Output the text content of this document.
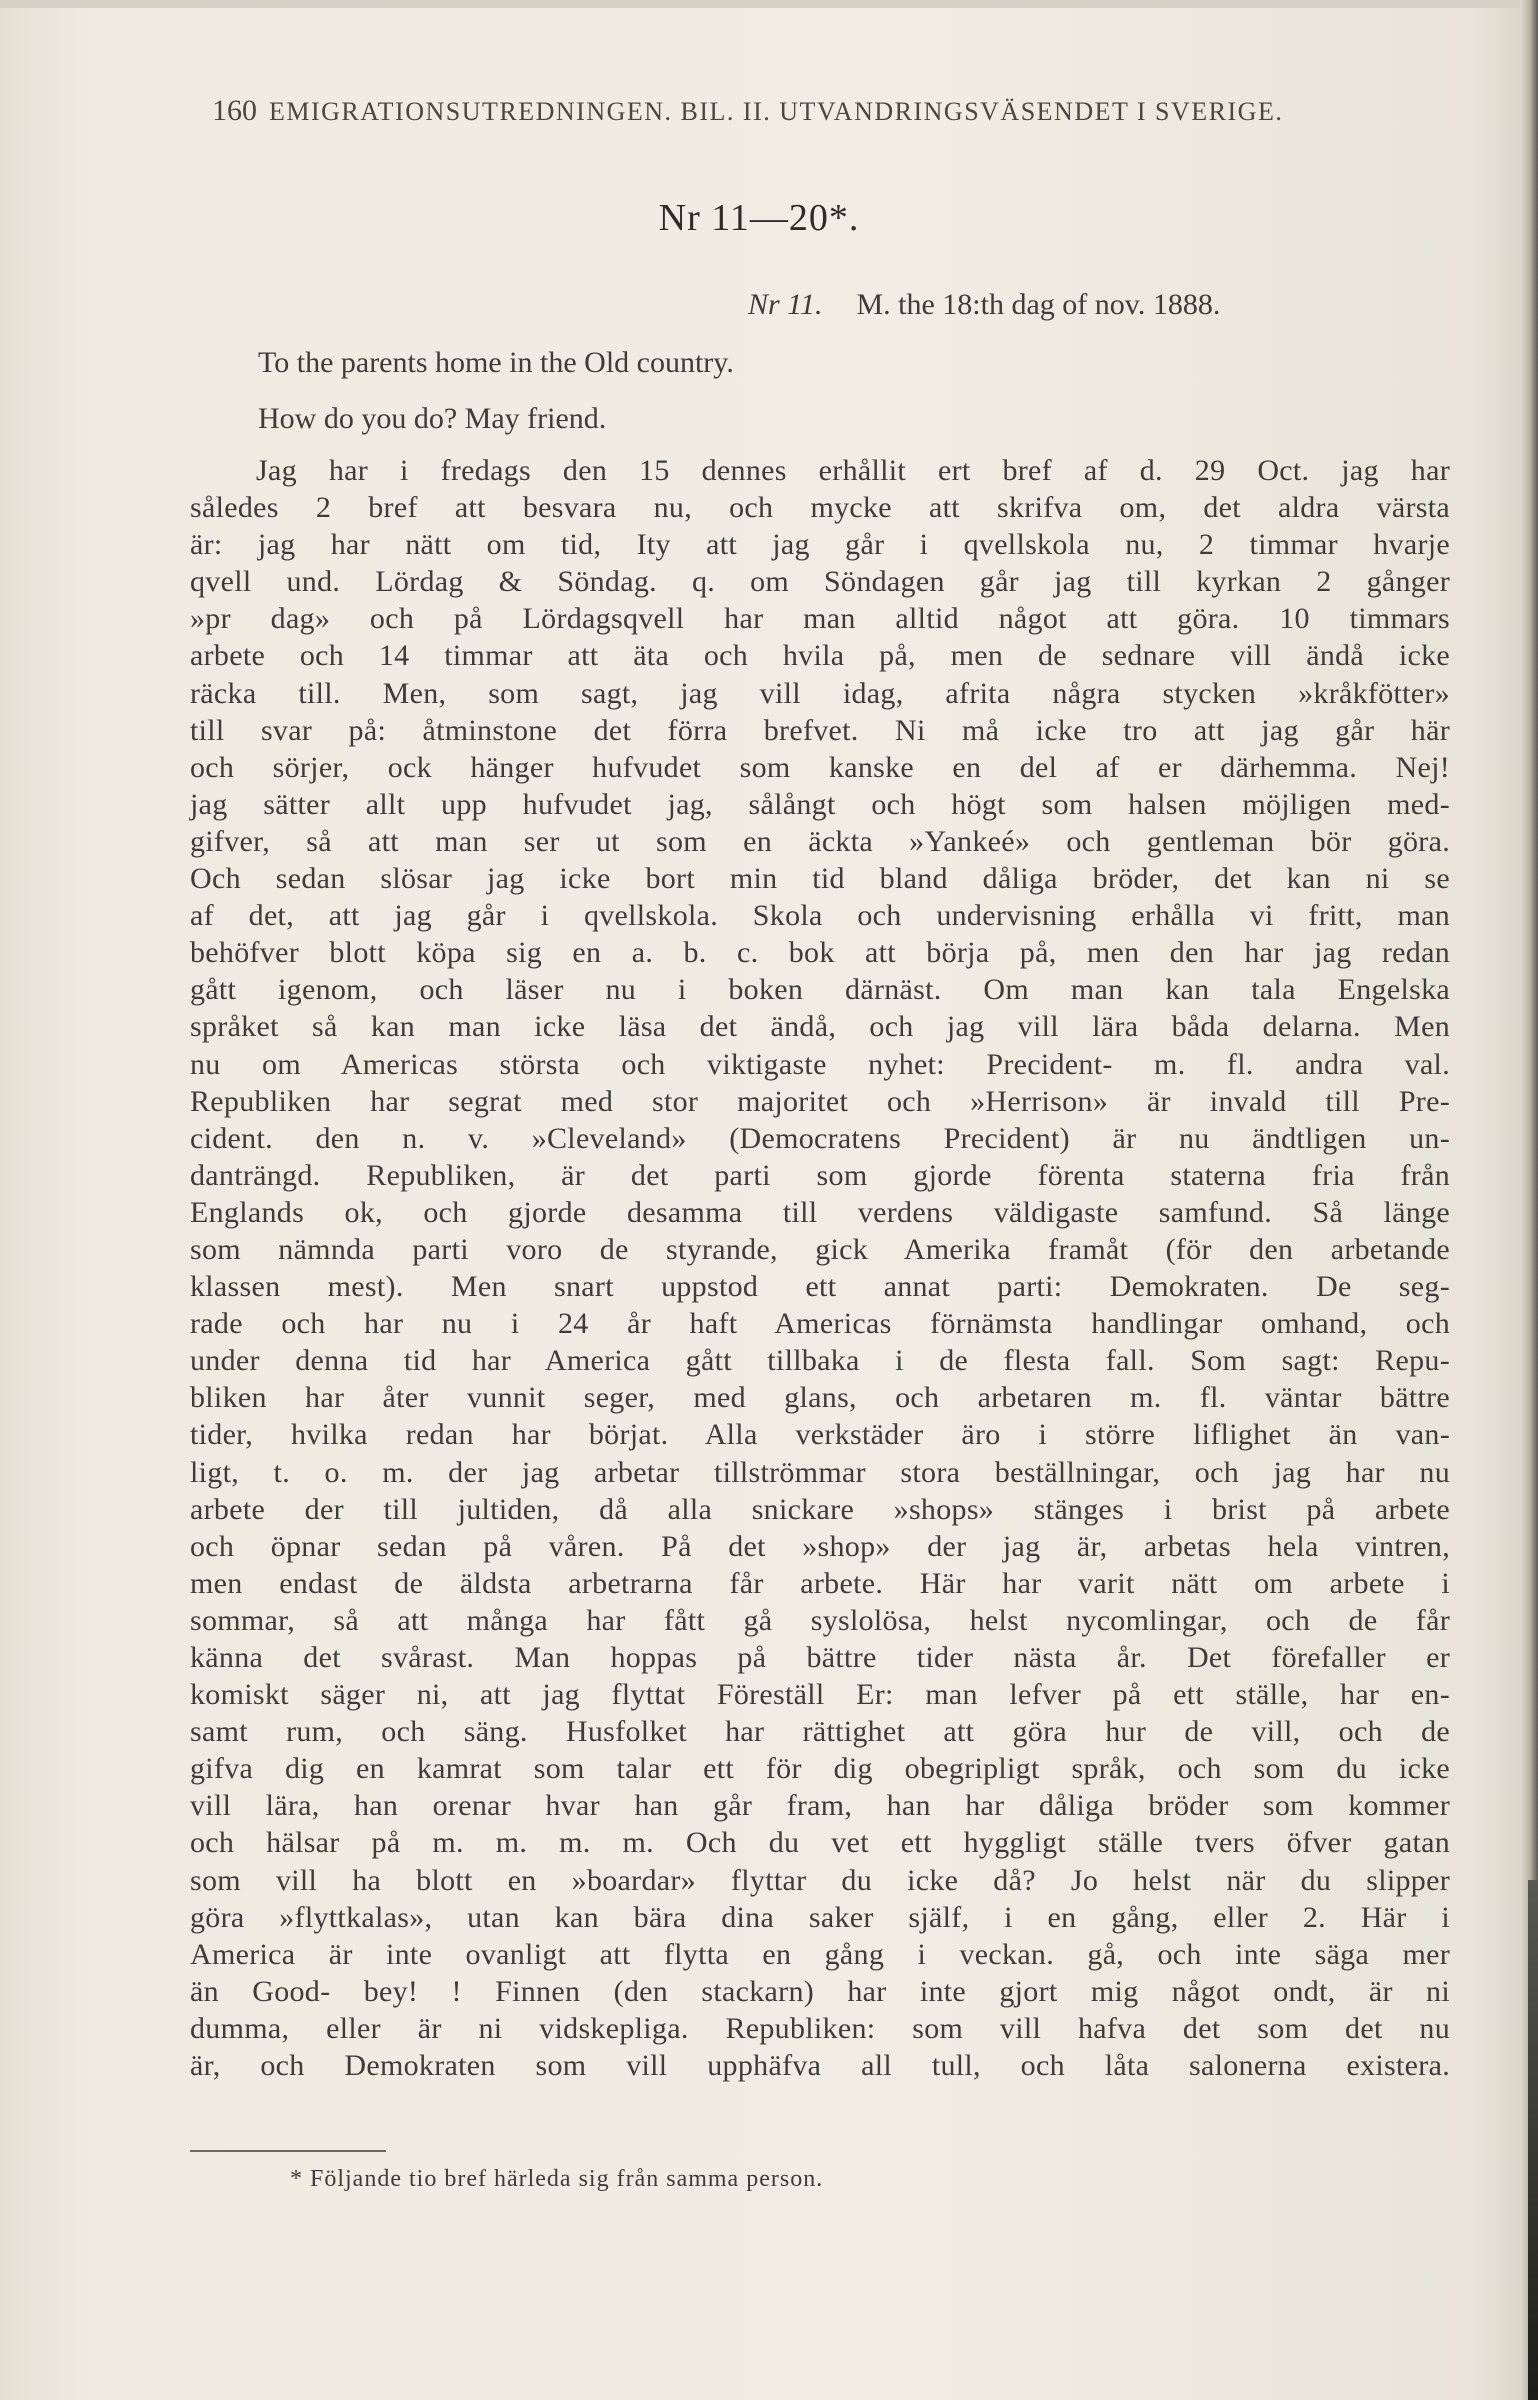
160 EMIGRATIONSUTREDNINGEN. BIL. II. UTVANDRINGSVÄSENDET I SVERIGE.
Nr 11—20*.
Nr 11. M. the 18:th dag of nov. 1888.
To the parents home in the Old country.
How do you do? May friend.
Jag har i fredags den 15 dennes erhållit ert bref af d. 29 Oct. jag har
således 2 bref att besvara nu, och mycke att skrifva om, det aldra värsta
är: jag har nätt om tid, Ity att jag går i qvellskola nu, 2 timmar hvarje
qvell und. Lördag & Söndag. q. om Söndagen går jag till kyrkan 2 gånger
»pr dag» och på Lördagsqvell har man alltid något att göra. 10 timmars
arbete och 14 timmar att äta och hvila på, men de sednare vill ändå icke
räcka till. Men, som sagt, jag vill idag, afrita några stycken »kråkfötter»
till svar på: åtminstone det förra brefvet. Ni må icke tro att jag går här
och sörjer, ock hänger hufvudet som kanske en del af er därhemma. Nej!
jag sätter allt upp hufvudet jag, sålångt och högt som halsen möjligen med-
gifver, så att man ser ut som en äckta »Yankeé» och gentleman bör göra.
Och sedan slösar jag icke bort min tid bland dåliga bröder, det kan ni se
af det, att jag går i qvellskola. Skola och undervisning erhålla vi fritt, man
behöfver blott köpa sig en a. b. c. bok att börja på, men den har jag redan
gått igenom, och läser nu i boken därnäst. Om man kan tala Engelska
språket så kan man icke läsa det ändå, och jag vill lära båda delarna. Men
nu om Americas största och viktigaste nyhet: Precident- m. fl. andra val.
Republiken har segrat med stor majoritet och »Herrison» är invald till Pre-
cident. den n. v. »Cleveland» (Democratens Precident) är nu ändtligen un-
danträngd. Republiken, är det parti som gjorde förenta staterna fria från
Englands ok, och gjorde desamma till verdens väldigaste samfund. Så länge
som nämnda parti voro de styrande, gick Amerika framåt (för den arbetande
klassen mest). Men snart uppstod ett annat parti: Demokraten. De seg-
rade och har nu i 24 år haft Americas förnämsta handlingar omhand, och
under denna tid har America gått tillbaka i de flesta fall. Som sagt: Repu-
bliken har åter vunnit seger, med glans, och arbetaren m. fl. väntar bättre
tider, hvilka redan har börjat. Alla verkstäder äro i större liflighet än van-
ligt, t. o. m. der jag arbetar tillströmmar stora beställningar, och jag har nu
arbete der till jultiden, då alla snickare »shops» stänges i brist på arbete
och öpnar sedan på våren. På det »shop» der jag är, arbetas hela vintren,
men endast de äldsta arbetrarna får arbete. Här har varit nätt om arbete i
sommar, så att många har fått gå syslolösa, helst nycomlingar, och de får
känna det svårast. Man hoppas på bättre tider nästa år. Det förefaller er
komiskt säger ni, att jag flyttat Föreställ Er: man lefver på ett ställe, har en-
samt rum, och säng. Husfolket har rättighet att göra hur de vill, och de
gifva dig en kamrat som talar ett för dig obegripligt språk, och som du icke
vill lära, han orenar hvar han går fram, han har dåliga bröder som kommer
och hälsar på m. m. m. m. Och du vet ett hyggligt ställe tvers öfver gatan
som vill ha blott en »boardar» flyttar du icke då? Jo helst när du slipper
göra »flyttkalas», utan kan bära dina saker själf, i en gång, eller 2. Här i
America är inte ovanligt att flytta en gång i veckan. gå, och inte säga mer
än Good- bey! ! Finnen (den stackarn) har inte gjort mig något ondt, är ni
dumma, eller är ni vidskepliga. Republiken: som vill hafva det som det nu
är, och Demokraten som vill upphäfva all tull, och låta salonerna existera.
* Följande tio bref härleda sig från samma person.
